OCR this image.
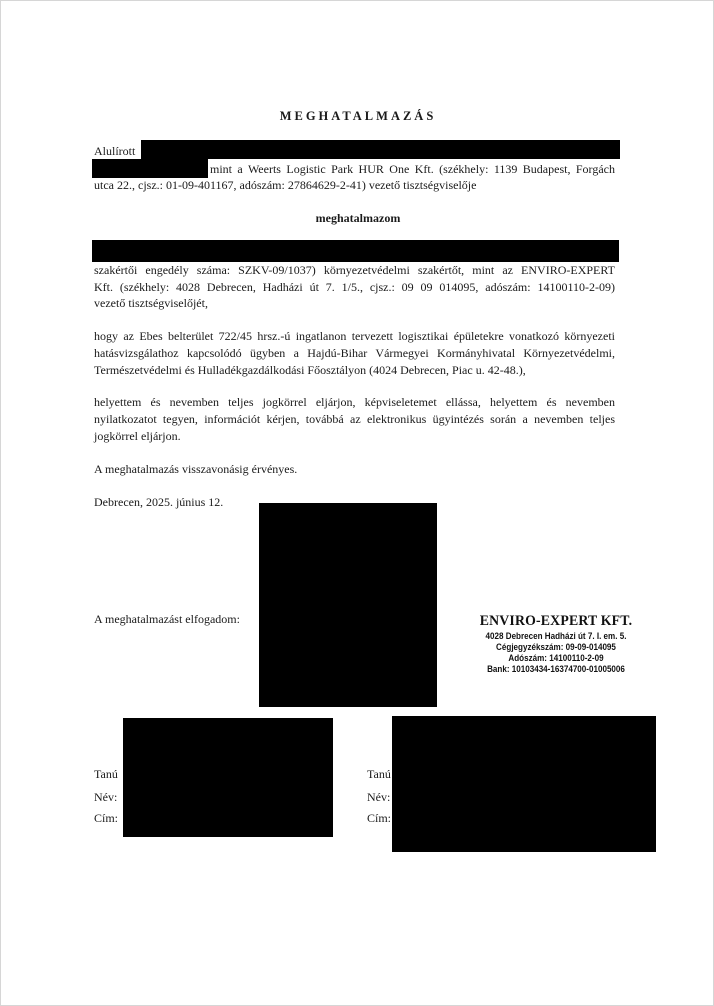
MEGHATALMAZÁS
Alulírott
mint a Weerts Logistic Park HUR One Kft. (székhely: 1139 Budapest, Forgách
utca 22., cjsz.: 01-09-401167, adószám: 27864629-2-41) vezető tisztségviselője
meghatalmazom
szakértői engedély száma: SZKV-09/1037) környezetvédelmi szakértőt, mint az ENVIRO-EXPERT
Kft. (székhely: 4028 Debrecen, Hadházi út 7. 1/5., cjsz.: 09 09 014095, adószám: 14100110-2-09)
vezető tisztségviselőjét,
hogy az Ebes belterület 722/45 hrsz.-ú ingatlanon tervezett logisztikai épületekre vonatkozó környezeti
hatásvizsgálathoz kapcsolódó ügyben a Hajdú-Bihar Vármegyei Kormányhivatal Környezetvédelmi,
Természetvédelmi és Hulladékgazdálkodási Főosztályon (4024 Debrecen, Piac u. 42-48.),
helyettem és nevemben teljes jogkörrel eljárjon, képviseletemet ellássa, helyettem és nevemben
nyilatkozatot tegyen, információt kérjen, továbbá az elektronikus ügyintézés során a nevemben teljes
jogkörrel eljárjon.
A meghatalmazás visszavonásig érvényes.
Debrecen, 2025. június 12.
A meghatalmazást elfogadom:	ENVIRO-EXPERT KFT.
4028 Debrecen Hadházi út 7. I. em. 5.
Cégjegyzékszám: 09-09-014095
Adószám: 14100110-2-09
Bank: 10103434-16374700-01005006
Tanú
Név:
Cím:
Tanú
Név:
Cím:
